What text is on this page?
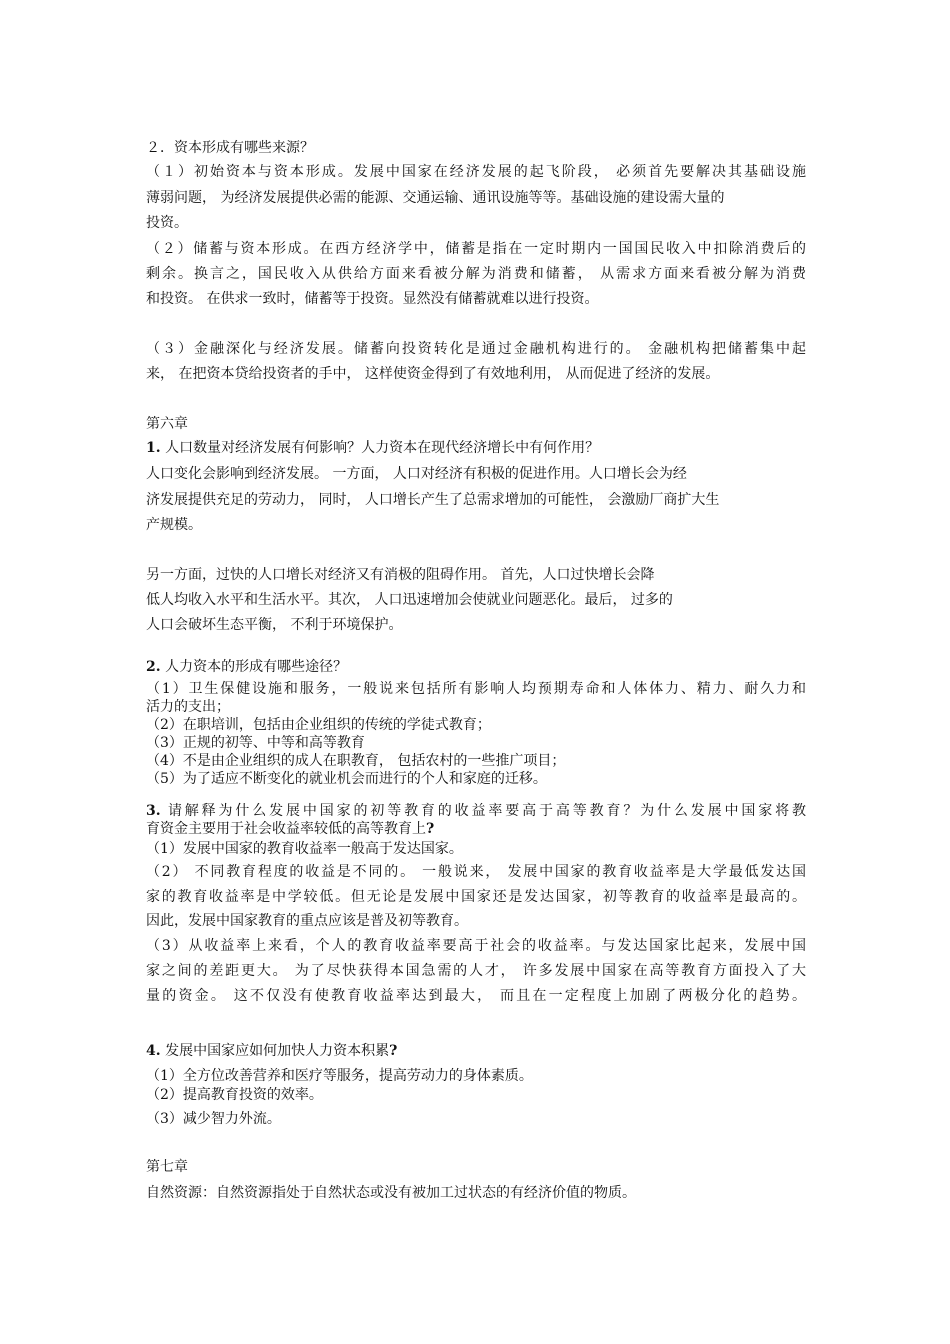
２．资本形成有哪些来源？

（１）初始资本与资本形成。发展中国家在经济发展的起飞阶段， 必须首先要解决其基础设施

薄弱问题， 为经济发展提供必需的能源、交通运输、通讯设施等等。基础设施的建设需大量的

投资。

（２）储蓄与资本形成。在西方经济学中，储蓄是指在一定时期内一国国民收入中扣除消费后的

剩余。换言之，国民收入从供给方面来看被分解为消费和储蓄， 从需求方面来看被分解为消费

和投资。 在供求一致时，储蓄等于投资。显然没有储蓄就难以进行投资。

（３）金融深化与经济发展。储蓄向投资转化是通过金融机构进行的。 金融机构把储蓄集中起

来， 在把资本贷给投资者的手中， 这样使资金得到了有效地利用， 从而促进了经济的发展。

第六章

1. 人口数量对经济发展有何影响？人力资本在现代经济增长中有何作用？

人口变化会影响到经济发展。 一方面， 人口对经济有积极的促进作用。人口增长会为经

济发展提供充足的劳动力， 同时， 人口增长产生了总需求增加的可能性， 会激励厂商扩大生

产规模。

另一方面，过快的人口增长对经济又有消极的阻碍作用。 首先，人口过快增长会降

低人均收入水平和生活水平。其次， 人口迅速增加会使就业问题恶化。最后， 过多的

人口会破坏生态平衡， 不利于环境保护。

2. 人力资本的形成有哪些途径？

（1）卫生保健设施和服务，一般说来包括所有影响人均预期寿命和人体体力、精力、耐久力和

活力的支出；

（2）在职培训，包括由企业组织的传统的学徒式教育；

（3）正规的初等、中等和高等教育

（4）不是由企业组织的成人在职教育， 包括农村的一些推广项目；

（5）为了适应不断变化的就业机会而进行的个人和家庭的迁移。

3. 请解释为什么发展中国家的初等教育的收益率要高于高等教育？为什么发展中国家将教

育资金主要用于社会收益率较低的高等教育上?

（1）发展中国家的教育收益率一般高于发达国家。

（2） 不同教育程度的收益是不同的。 一般说来， 发展中国家的教育收益率是大学最低发达国

家的教育收益率是中学较低。但无论是发展中国家还是发达国家，初等教育的收益率是最高的。

因此，发展中国家教育的重点应该是普及初等教育。

（3）从收益率上来看，个人的教育收益率要高于社会的收益率。与发达国家比起来，发展中国

家之间的差距更大。 为了尽快获得本国急需的人才， 许多发展中国家在高等教育方面投入了大

量的资金。 这不仅没有使教育收益率达到最大， 而且在一定程度上加剧了两极分化的趋势。

4. 发展中国家应如何加快人力资本积累?

（1）全方位改善营养和医疗等服务，提高劳动力的身体素质。

（2）提高教育投资的效率。

（3）减少智力外流。

第七章

自然资源：自然资源指处于自然状态或没有被加工过状态的有经济价值的物质。
